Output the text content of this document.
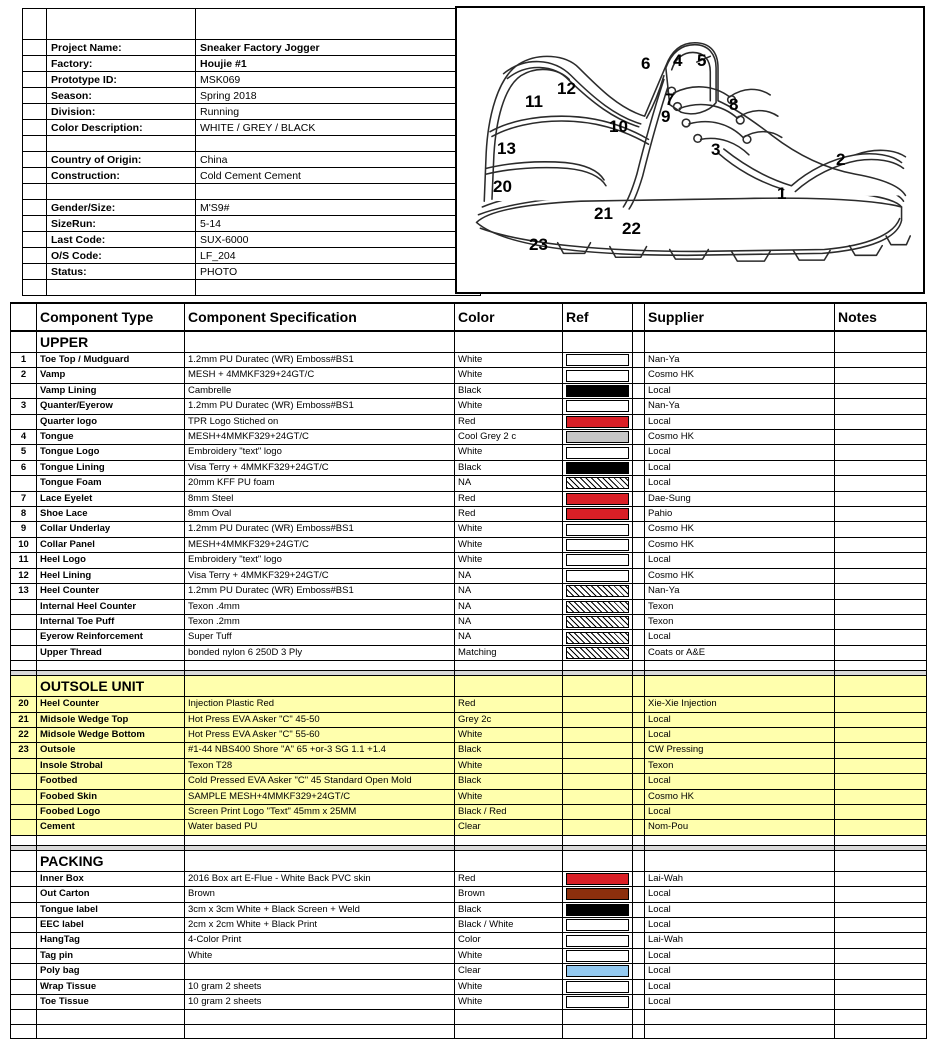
	Project Name:	Sneaker Factory Jogger
	Factory:	Houjie #1
	Prototype ID:	MSK069
	Season:	Spring 2018
	Division:	Running
	Color Description:	WHITE / GREY / BLACK

	Country of Origin:	China
	Construction:	Cold Cement Cement

	Gender/Size:	M'S9#
	SizeRun:	5-14
	Last Code:	SUX-6000
	O/S Code:	LF_204
	Status:	PHOTO

6 4 5
12
11	7	8
9
10
13	3
2
20	1
21
22
23
	Component Type	Component Specification	Color	Ref		Supplier	Notes
	UPPER						
1	Toe Top / Mudguard	1.2mm PU Duratec (WR) Emboss#BS1	White			Nan-Ya	
2	Vamp	MESH + 4MMKF329+24GT/C	White			Cosmo HK	
	Vamp Lining	Cambrelle	Black			Local	
3	Quanter/Eyerow	1.2mm PU Duratec (WR) Emboss#BS1	White			Nan-Ya	
	Quarter logo	TPR Logo Stiched on	Red			Local	
4	Tongue	MESH+4MMKF329+24GT/C	Cool Grey 2 c			Cosmo HK	
5	Tongue Logo	Embroidery "text" logo	White			Local	
6	Tongue Lining	Visa Terry + 4MMKF329+24GT/C	Black			Local	
	Tongue Foam	20mm KFF PU foam	NA			Local	
7	Lace Eyelet	8mm Steel	Red			Dae-Sung	
8	Shoe Lace	8mm Oval	Red			Pahio	
9	Collar Underlay	1.2mm PU Duratec (WR) Emboss#BS1	White			Cosmo HK	
10	Collar Panel	MESH+4MMKF329+24GT/C	White			Cosmo HK	
11	Heel Logo	Embroidery "text" logo	White			Local	
12	Heel Lining	Visa Terry + 4MMKF329+24GT/C	NA			Cosmo HK	
13	Heel Counter	1.2mm PU Duratec (WR) Emboss#BS1	NA			Nan-Ya	
	Internal Heel Counter	Texon .4mm	NA			Texon	
	Internal Toe Puff	Texon .2mm	NA			Texon	
	Eyerow Reinforcement	Super Tuff	NA			Local	
	Upper Thread	bonded nylon 6 250D 3 Ply	Matching			Coats or A&E	

	OUTSOLE UNIT						
20	Heel Counter	Injection Plastic Red	Red			Xie-Xie Injection	
21	Midsole Wedge Top	Hot Press EVA Asker "C" 45-50	Grey 2c			Local	
22	Midsole Wedge Bottom	Hot Press EVA Asker "C" 55-60	White			Local	
23	Outsole	#1-44 NBS400 Shore "A" 65 +or-3 SG 1.1 +1.4	Black			CW Pressing	
	Insole Strobal	Texon T28	White			Texon	
	Footbed	Cold Pressed EVA Asker "C" 45 Standard Open Mold	Black			Local	
	Foobed Skin	SAMPLE MESH+4MMKF329+24GT/C	White			Cosmo HK	
	Foobed Logo	Screen Print Logo "Text" 45mm x 25MM	Black / Red			Local	
	Cement	Water based PU	Clear			Nom-Pou	

	PACKING						
	Inner Box	2016 Box art E-Flue - White Back PVC skin	Red			Lai-Wah	
	Out Carton	Brown	Brown			Local	
	Tongue label	3cm x 3cm White + Black Screen + Weld	Black			Local	
	EEC label	2cm x 2cm White + Black Print	Black / White			Local	
	HangTag	4-Color Print	Color			Lai-Wah	
	Tag pin	White	White			Local	
	Poly bag		Clear			Local	
	Wrap Tissue	10 gram 2 sheets	White			Local	
	Toe Tissue	10 gram 2 sheets	White			Local	
